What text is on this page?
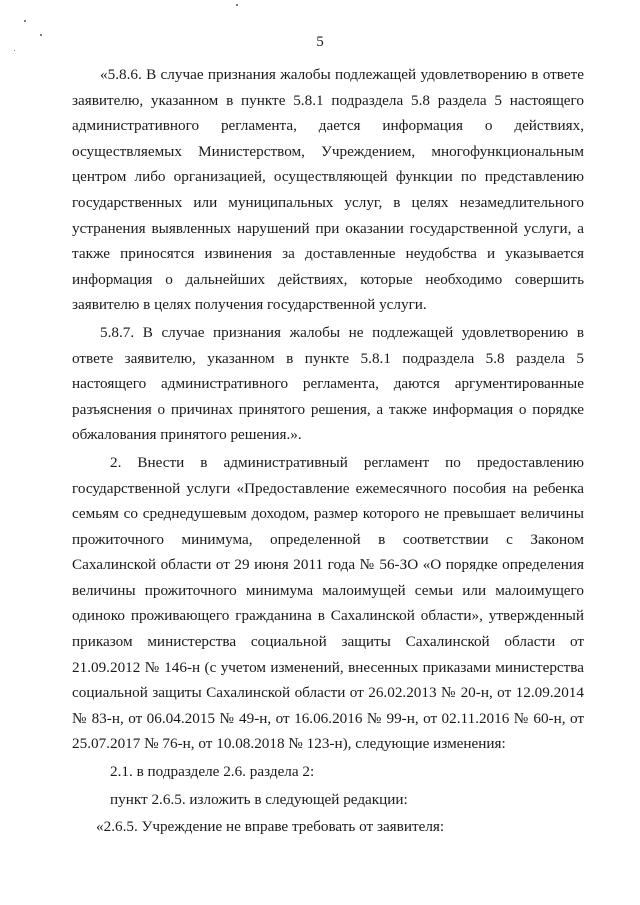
5

«5.8.6. В случае признания жалобы подлежащей удовлетворению в ответе заявителю, указанном в пункте 5.8.1 подраздела 5.8 раздела 5 настоящего административного регламента, дается информация о действиях, осуществляемых Министерством, Учреждением, многофункциональным центром либо организацией, осуществляющей функции по представлению государственных или муниципальных услуг, в целях незамедлительного устранения выявленных нарушений при оказании государственной услуги, а также приносятся извинения за доставленные неудобства и указывается информация о дальнейших действиях, которые необходимо совершить заявителю в целях получения государственной услуги.

5.8.7. В случае признания жалобы не подлежащей удовлетворению в ответе заявителю, указанном в пункте 5.8.1 подраздела 5.8 раздела 5 настоящего административного регламента, даются аргументированные разъяснения о причинах принятого решения, а также информация о порядке обжалования принятого решения.».

2. Внести в административный регламент по предоставлению государственной услуги «Предоставление ежемесячного пособия на ребенка семьям со среднедушевым доходом, размер которого не превышает величины прожиточного минимума, определенной в соответствии с Законом Сахалинской области от 29 июня 2011 года № 56-ЗО «О порядке определения величины прожиточного минимума малоимущей семьи или малоимущего одиноко проживающего гражданина в Сахалинской области», утвержденный приказом министерства социальной защиты Сахалинской области от 21.09.2012 № 146-н (с учетом изменений, внесенных приказами министерства социальной защиты Сахалинской области от 26.02.2013 № 20-н, от 12.09.2014 № 83-н, от 06.04.2015 № 49-н, от 16.06.2016 № 99-н, от 02.11.2016 № 60-н, от 25.07.2017 № 76-н, от 10.08.2018 № 123-н), следующие изменения:

2.1. в подразделе 2.6. раздела 2:

пункт 2.6.5. изложить в следующей редакции:

«2.6.5. Учреждение не вправе требовать от заявителя:
